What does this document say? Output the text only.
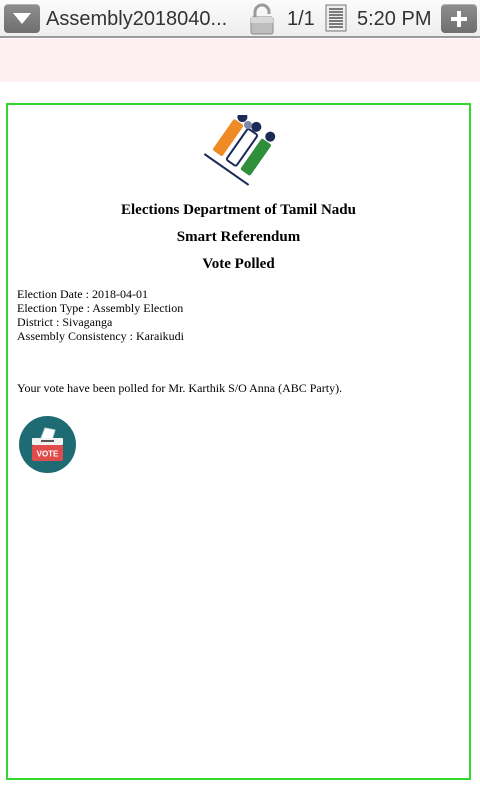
Assembly2018040...	1/1 5:20 PM
Elections Department of Tamil Nadu
Smart Referendum
Vote Polled
Election Date : 2018-04-01
Election Type : Assembly Election
District : Sivaganga
Assembly Consistency : Karaikudi
Your vote have been polled for Mr. Karthik S/O Anna (ABC Party).
VOTE
